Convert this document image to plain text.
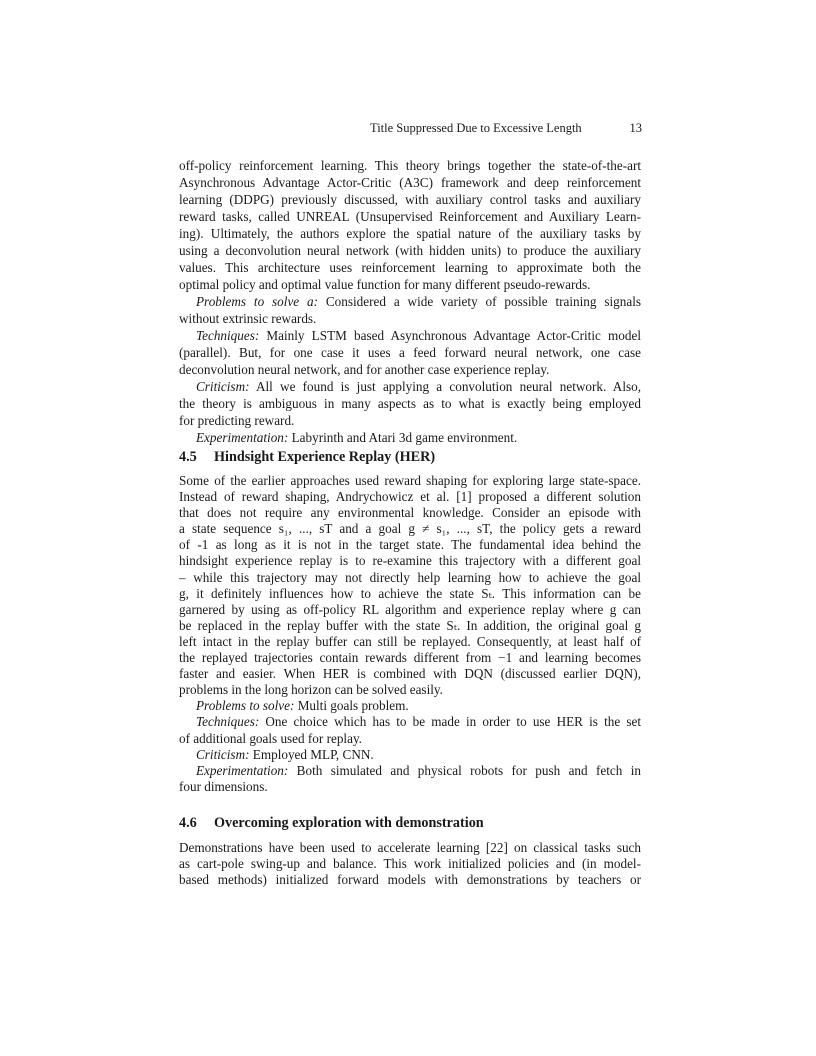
Title Suppressed Due to Excessive Length	13
off-policy reinforcement learning. This theory brings together the state-of-the-art
Asynchronous Advantage Actor-Critic (A3C) framework and deep reinforcement
learning (DDPG) previously discussed, with auxiliary control tasks and auxiliary
reward tasks, called UNREAL (Unsupervised Reinforcement and Auxiliary Learn-
ing). Ultimately, the authors explore the spatial nature of the auxiliary tasks by
using a deconvolution neural network (with hidden units) to produce the auxiliary
values. This architecture uses reinforcement learning to approximate both the
optimal policy and optimal value function for many different pseudo-rewards.
Problems to solve a: Considered a wide variety of possible training signals
without extrinsic rewards.
Techniques: Mainly LSTM based Asynchronous Advantage Actor-Critic model
(parallel). But, for one case it uses a feed forward neural network, one case
deconvolution neural network, and for another case experience replay.
Criticism: All we found is just applying a convolution neural network. Also,
the theory is ambiguous in many aspects as to what is exactly being employed
for predicting reward.
Experimentation: Labyrinth and Atari 3d game environment.
4.5 Hindsight Experience Replay (HER)
Some of the earlier approaches used reward shaping for exploring large state-space.
Instead of reward shaping, Andrychowicz et al. [1] proposed a different solution
that does not require any environmental knowledge. Consider an episode with
a state sequence s₁, ..., sT and a goal g ≠ s₁, ..., sT, the policy gets a reward
of -1 as long as it is not in the target state. The fundamental idea behind the
hindsight experience replay is to re-examine this trajectory with a different goal
– while this trajectory may not directly help learning how to achieve the goal
g, it definitely influences how to achieve the state Sₜ. This information can be
garnered by using as off-policy RL algorithm and experience replay where g can
be replaced in the replay buffer with the state Sₜ. In addition, the original goal g
left intact in the replay buffer can still be replayed. Consequently, at least half of
the replayed trajectories contain rewards different from −1 and learning becomes
faster and easier. When HER is combined with DQN (discussed earlier DQN),
problems in the long horizon can be solved easily.
Problems to solve: Multi goals problem.
Techniques: One choice which has to be made in order to use HER is the set
of additional goals used for replay.
Criticism: Employed MLP, CNN.
Experimentation: Both simulated and physical robots for push and fetch in
four dimensions.
4.6 Overcoming exploration with demonstration
Demonstrations have been used to accelerate learning [22] on classical tasks such
as cart-pole swing-up and balance. This work initialized policies and (in model-
based methods) initialized forward models with demonstrations by teachers or
